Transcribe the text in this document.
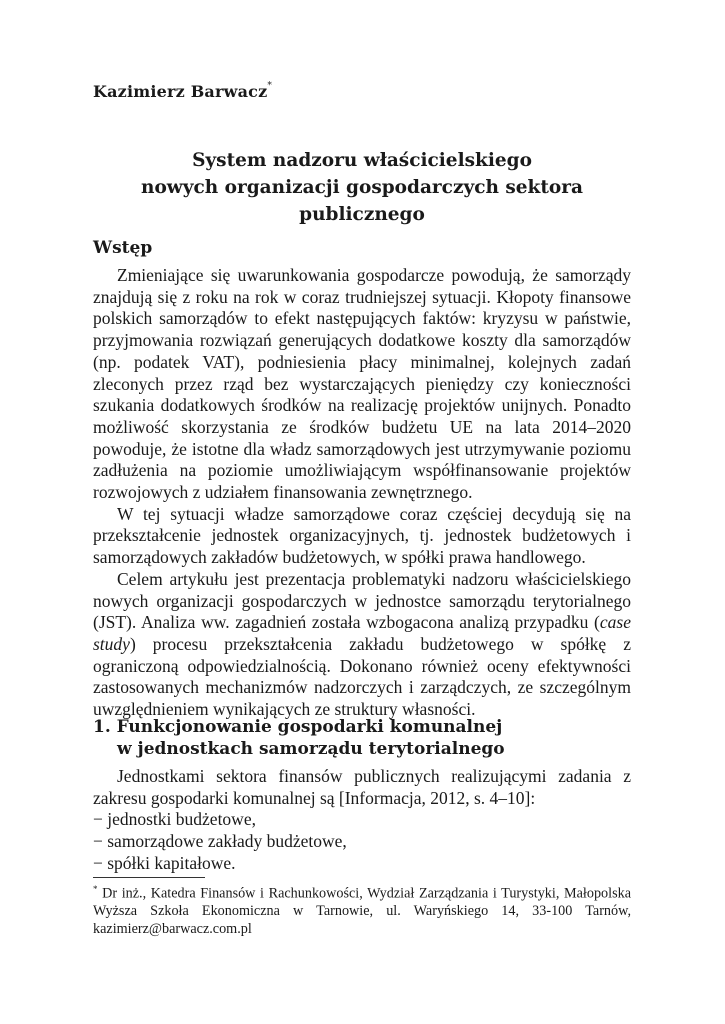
Kazimierz Barwacz*
System nadzoru właścicielskiego
nowych organizacji gospodarczych sektora publicznego
Wstęp

Zmieniające się uwarunkowania gospodarcze powodują, że samorządy znajdują się z roku na rok w coraz trudniejszej sytuacji. Kłopoty finansowe polskich samorządów to efekt następujących faktów: kryzysu w państwie, przyjmowania rozwiązań generujących dodatkowe koszty dla samorządów (np. podatek VAT), podniesienia płacy minimalnej, kolejnych zadań zleconych przez rząd bez wystarczających pieniędzy czy konieczności szukania dodatkowych środków na realizację projektów unijnych. Ponadto możliwość skorzystania ze środków budżetu UE na lata 2014–2020 powoduje, że istotne dla władz samorządowych jest utrzymywanie poziomu zadłużenia na poziomie umożliwiającym współfinansowanie projektów rozwojowych z udziałem finansowania zewnętrznego.

W tej sytuacji władze samorządowe coraz częściej decydują się na przekształcenie jednostek organizacyjnych, tj. jednostek budżetowych i samorządowych zakładów budżetowych, w spółki prawa handlowego.

Celem artykułu jest prezentacja problematyki nadzoru właścicielskiego nowych organizacji gospodarczych w jednostce samorządu terytorialnego (JST). Analiza ww. zagadnień została wzbogacona analizą przypadku (case study) procesu przekształcenia zakładu budżetowego w spółkę z ograniczoną odpowiedzialnością. Dokonano również oceny efektywności zastosowanych mechanizmów nadzorczych i zarządczych, ze szczególnym uwzględnieniem wynikających ze struktury własności.

1. Funkcjonowanie gospodarki komunalnej
w jednostkach samorządu terytorialnego

Jednostkami sektora finansów publicznych realizującymi zadania z zakresu gospodarki komunalnej są [Informacja, 2012, s. 4–10]:

− jednostki budżetowe,
− samorządowe zakłady budżetowe,
− spółki kapitałowe.
* Dr inż., Katedra Finansów i Rachunkowości, Wydział Zarządzania i Turystyki, Małopolska Wyższa Szkoła Ekonomiczna w Tarnowie, ul. Waryńskiego 14, 33-100 Tarnów, kazimierz@barwacz.com.pl
